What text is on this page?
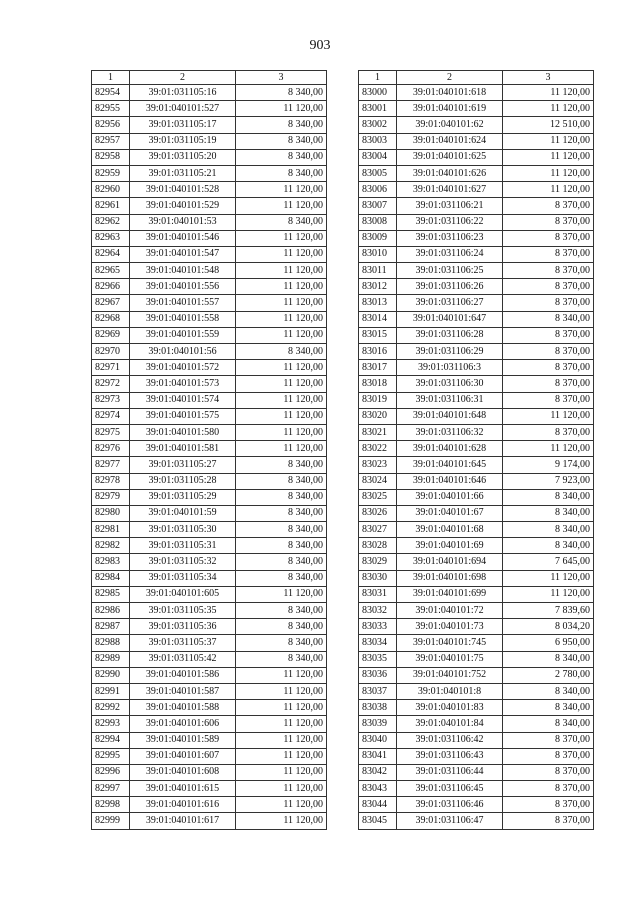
903
1	2	3
82954	39:01:031105:16	8 340,00
82955	39:01:040101:527	11 120,00
82956	39:01:031105:17	8 340,00
82957	39:01:031105:19	8 340,00
82958	39:01:031105:20	8 340,00
82959	39:01:031105:21	8 340,00
82960	39:01:040101:528	11 120,00
82961	39:01:040101:529	11 120,00
82962	39:01:040101:53	8 340,00
82963	39:01:040101:546	11 120,00
82964	39:01:040101:547	11 120,00
82965	39:01:040101:548	11 120,00
82966	39:01:040101:556	11 120,00
82967	39:01:040101:557	11 120,00
82968	39:01:040101:558	11 120,00
82969	39:01:040101:559	11 120,00
82970	39:01:040101:56	8 340,00
82971	39:01:040101:572	11 120,00
82972	39:01:040101:573	11 120,00
82973	39:01:040101:574	11 120,00
82974	39:01:040101:575	11 120,00
82975	39:01:040101:580	11 120,00
82976	39:01:040101:581	11 120,00
82977	39:01:031105:27	8 340,00
82978	39:01:031105:28	8 340,00
82979	39:01:031105:29	8 340,00
82980	39:01:040101:59	8 340,00
82981	39:01:031105:30	8 340,00
82982	39:01:031105:31	8 340,00
82983	39:01:031105:32	8 340,00
82984	39:01:031105:34	8 340,00
82985	39:01:040101:605	11 120,00
82986	39:01:031105:35	8 340,00
82987	39:01:031105:36	8 340,00
82988	39:01:031105:37	8 340,00
82989	39:01:031105:42	8 340,00
82990	39:01:040101:586	11 120,00
82991	39:01:040101:587	11 120,00
82992	39:01:040101:588	11 120,00
82993	39:01:040101:606	11 120,00
82994	39:01:040101:589	11 120,00
82995	39:01:040101:607	11 120,00
82996	39:01:040101:608	11 120,00
82997	39:01:040101:615	11 120,00
82998	39:01:040101:616	11 120,00
82999	39:01:040101:617	11 120,00
1	2	3
83000	39:01:040101:618	11 120,00
83001	39:01:040101:619	11 120,00
83002	39:01:040101:62	12 510,00
83003	39:01:040101:624	11 120,00
83004	39:01:040101:625	11 120,00
83005	39:01:040101:626	11 120,00
83006	39:01:040101:627	11 120,00
83007	39:01:031106:21	8 370,00
83008	39:01:031106:22	8 370,00
83009	39:01:031106:23	8 370,00
83010	39:01:031106:24	8 370,00
83011	39:01:031106:25	8 370,00
83012	39:01:031106:26	8 370,00
83013	39:01:031106:27	8 370,00
83014	39:01:040101:647	8 340,00
83015	39:01:031106:28	8 370,00
83016	39:01:031106:29	8 370,00
83017	39:01:031106:3	8 370,00
83018	39:01:031106:30	8 370,00
83019	39:01:031106:31	8 370,00
83020	39:01:040101:648	11 120,00
83021	39:01:031106:32	8 370,00
83022	39:01:040101:628	11 120,00
83023	39:01:040101:645	9 174,00
83024	39:01:040101:646	7 923,00
83025	39:01:040101:66	8 340,00
83026	39:01:040101:67	8 340,00
83027	39:01:040101:68	8 340,00
83028	39:01:040101:69	8 340,00
83029	39:01:040101:694	7 645,00
83030	39:01:040101:698	11 120,00
83031	39:01:040101:699	11 120,00
83032	39:01:040101:72	7 839,60
83033	39:01:040101:73	8 034,20
83034	39:01:040101:745	6 950,00
83035	39:01:040101:75	8 340,00
83036	39:01:040101:752	2 780,00
83037	39:01:040101:8	8 340,00
83038	39:01:040101:83	8 340,00
83039	39:01:040101:84	8 340,00
83040	39:01:031106:42	8 370,00
83041	39:01:031106:43	8 370,00
83042	39:01:031106:44	8 370,00
83043	39:01:031106:45	8 370,00
83044	39:01:031106:46	8 370,00
83045	39:01:031106:47	8 370,00
